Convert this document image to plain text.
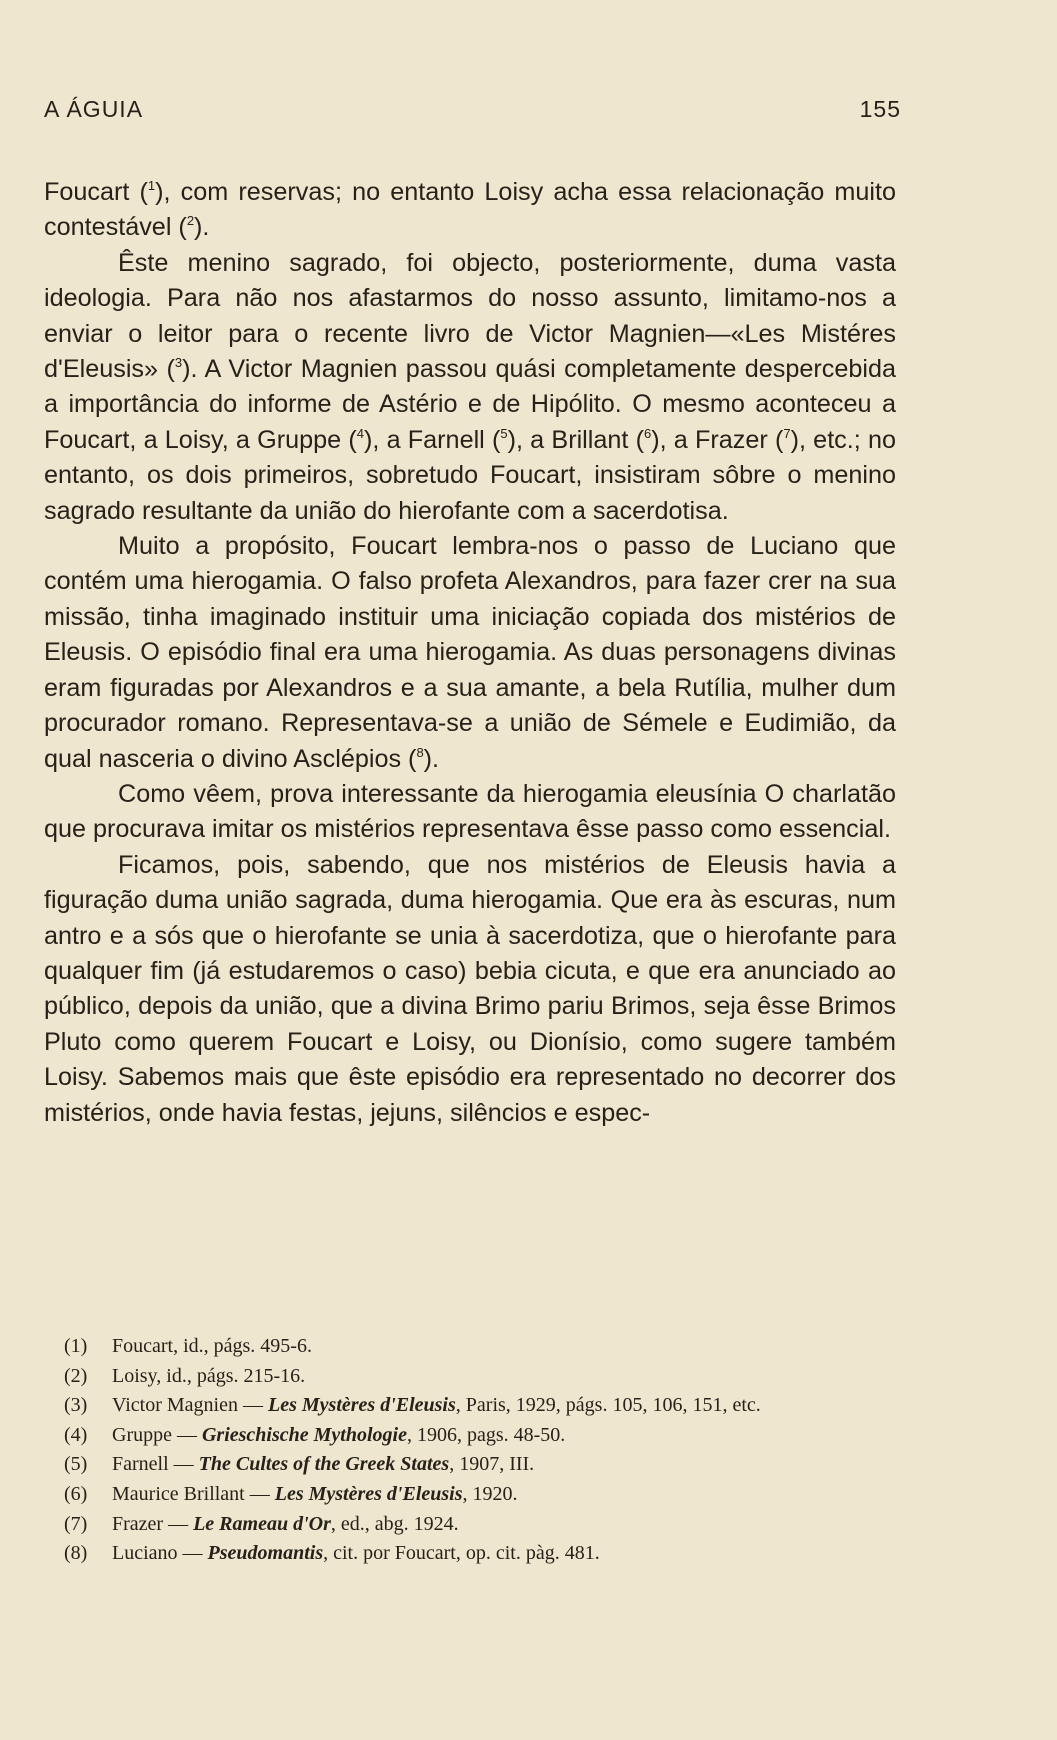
A ÁGUIA	155

Foucart ($^1$), com reservas; no entanto Loisy acha essa relacionação muito contestável ($^2$).

Êste menino sagrado, foi objecto, posteriormente, duma vasta ideologia. Para não nos afastarmos do nosso assunto, limitamo-nos a enviar o leitor para o recente livro de Victor Magnien—«Les Mistéres d'Eleusis» ($^3$). A Victor Magnien passou quási completamente despercebida a importância do informe de Astério e de Hipólito. O mesmo aconteceu a Foucart, a Loisy, a Gruppe ($^4$), a Farnell ($^5$), a Brillant ($^6$), a Frazer ($^7$), etc.; no entanto, os dois primeiros, sobretudo Foucart, insistiram sôbre o menino sagrado resultante da união do hierofante com a sacerdotisa.

Muito a propósito, Foucart lembra-nos o passo de Luciano que contém uma hierogamia. O falso profeta Alexandros, para fazer crer na sua missão, tinha imaginado instituir uma iniciação copiada dos mistérios de Eleusis. O episódio final era uma hierogamia. As duas personagens divinas eram figuradas por Alexandros e a sua amante, a bela Rutília, mulher dum procurador romano. Representava-se a união de Sémele e Eudimião, da qual nasceria o divino Asclépios ($^8$).

Como vêem, prova interessante da hierogamia eleusínia O charlatão que procurava imitar os mistérios representava êsse passo como essencial.

Ficamos, pois, sabendo, que nos mistérios de Eleusis havia a figuração duma união sagrada, duma hierogamia. Que era às escuras, num antro e a sós que o hierofante se unia à sacerdotiza, que o hierofante para qualquer fim (já estudaremos o caso) bebia cicuta, e que era anunciado ao público, depois da união, que a divina Brimo pariu Brimos, seja êsse Brimos Pluto como querem Foucart e Loisy, ou Dionísio, como sugere também Loisy. Sabemos mais que êste episódio era representado no decorrer dos mistérios, onde havia festas, jejuns, silêncios e espec-

(1) Foucart, id., págs. 495-6.
(2) Loisy, id., págs. 215-16.
(3) Victor Magnien — Les Mystères d'Eleusis, Paris, 1929, págs. 105, 106, 151, etc.
(4) Gruppe — Grieschische Mythologie, 1906, pags. 48-50.
(5) Farnell — The Cultes of the Greek States, 1907, III.
(6) Maurice Brillant — Les Mystères d'Eleusis, 1920.
(7) Frazer — Le Rameau d'Or, ed., abg. 1924.
(8) Luciano — Pseudomantis, cit. por Foucart, op. cit. pàg. 481.
